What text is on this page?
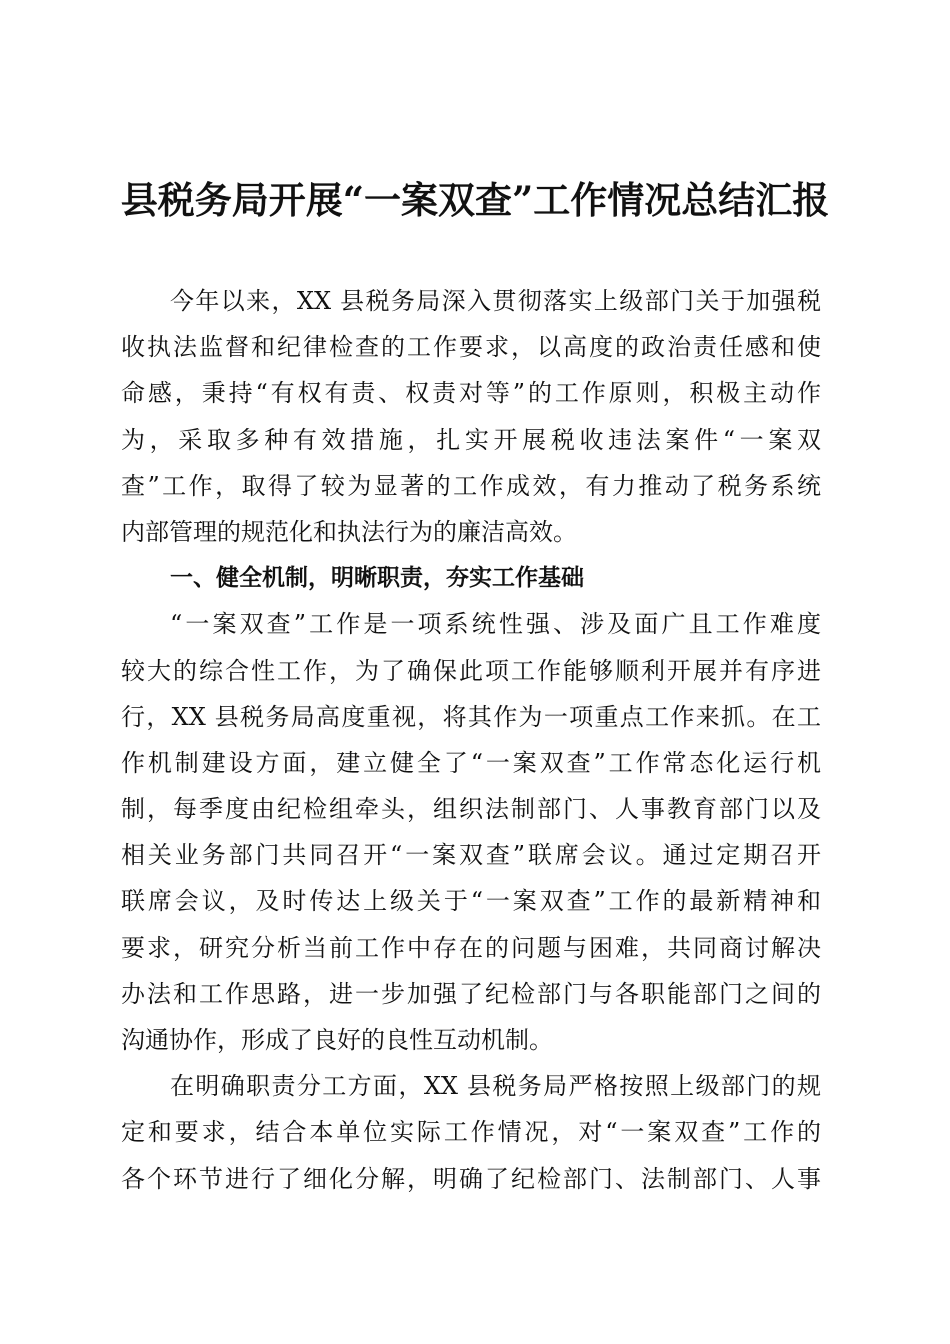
县税务局开展“一案双查”工作情况总结汇报
今年以来，XX 县税务局深入贯彻落实上级部门关于加强税
收执法监督和纪律检查的工作要求，以高度的政治责任感和使
命感，秉持“有权有责、权责对等”的工作原则，积极主动作
为，采取多种有效措施，扎实开展税收违法案件“一案双
查”工作，取得了较为显著的工作成效，有力推动了税务系统
内部管理的规范化和执法行为的廉洁高效。
一、健全机制，明晰职责，夯实工作基础
“一案双查”工作是一项系统性强、涉及面广且工作难度
较大的综合性工作，为了确保此项工作能够顺利开展并有序进
行，XX 县税务局高度重视，将其作为一项重点工作来抓。在工
作机制建设方面，建立健全了“一案双查”工作常态化运行机
制，每季度由纪检组牵头，组织法制部门、人事教育部门以及
相关业务部门共同召开“一案双查”联席会议。通过定期召开
联席会议，及时传达上级关于“一案双查”工作的最新精神和
要求，研究分析当前工作中存在的问题与困难，共同商讨解决
办法和工作思路，进一步加强了纪检部门与各职能部门之间的
沟通协作，形成了良好的良性互动机制。
在明确职责分工方面，XX 县税务局严格按照上级部门的规
定和要求，结合本单位实际工作情况，对“一案双查”工作的
各个环节进行了细化分解，明确了纪检部门、法制部门、人事
